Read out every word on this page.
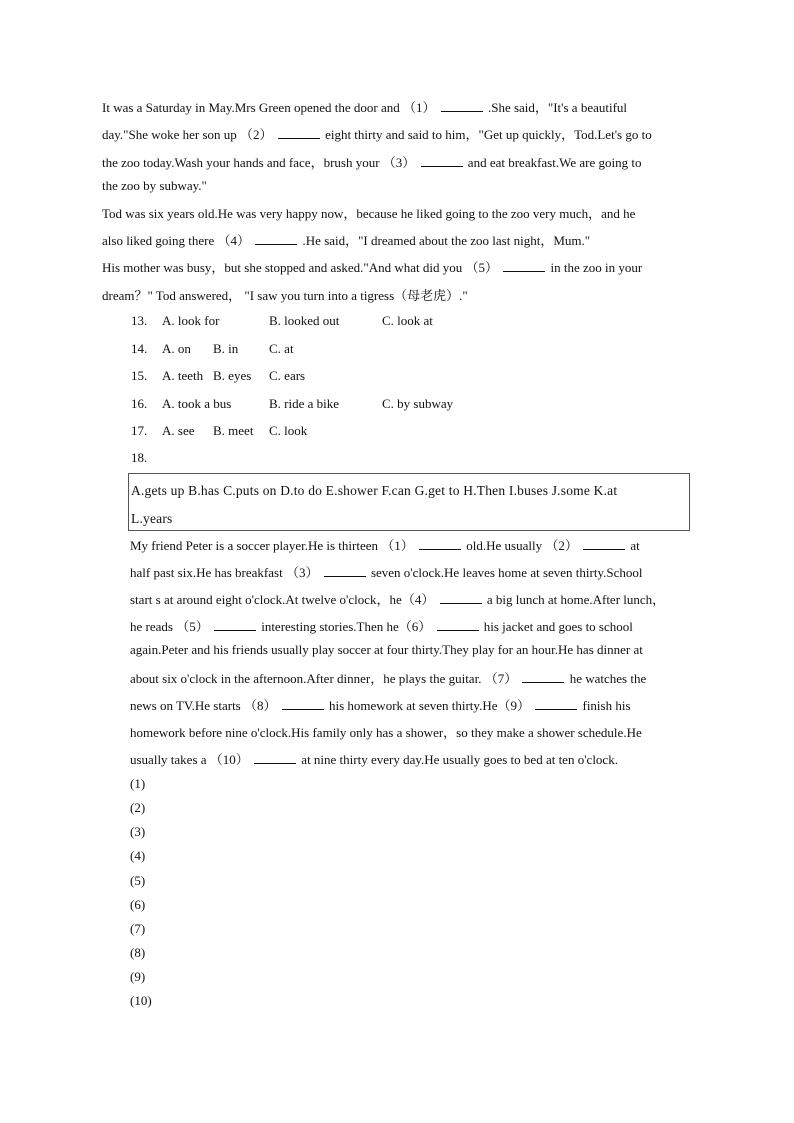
It was a Saturday in May.Mrs Green opened the door and （1）	.She said，"It's a beautiful
day."She woke her son up （2）	eight thirty and said to him，"Get up quickly，Tod.Let's go to
the zoo today.Wash your hands and face，brush your （3）	and eat breakfast.We are going to
the zoo by subway."
Tod was six years old.He was very happy now，because he liked going to the zoo very much，and he
also liked going there （4）	.He said，"I dreamed about the zoo last night，Mum."
His mother was busy，but she stopped and asked."And what did you （5）	in the zoo in your
dream？" Tod answered， "I saw you turn into a tigress（母老虎）."
13.	A. look for	B. looked out	C. look at
14.	A. on B. in C. at
15.	A. teeth B. eyes C. ears
16.	A. took a bus	B. ride a bike	C. by subway
17.	A. see B. meet C. look
18.
A.gets up B.has C.puts on D.to do E.shower F.can G.get to H.Then I.buses J.some K.at
L.years
My friend Peter is a soccer player.He is thirteen （1）	old.He usually （2）	at
half past six.He has breakfast （3）	seven o'clock.He leaves home at seven thirty.School
start s at around eight o'clock.At twelve o'clock，he（4）	a big lunch at home.After lunch，
he reads （5）	interesting stories.Then he（6）	his jacket and goes to school
again.Peter and his friends usually play soccer at four thirty.They play for an hour.He has dinner at
about six o'clock in the afternoon.After dinner，he plays the guitar. （7）	he watches the
news on TV.He starts （8）	his homework at seven thirty.He（9）	finish his
homework before nine o'clock.His family only has a shower，so they make a shower schedule.He
usually takes a （10）	at nine thirty every day.He usually goes to bed at ten o'clock.
(1)
(2)
(3)
(4)
(5)
(6)
(7)
(8)
(9)
(10)
